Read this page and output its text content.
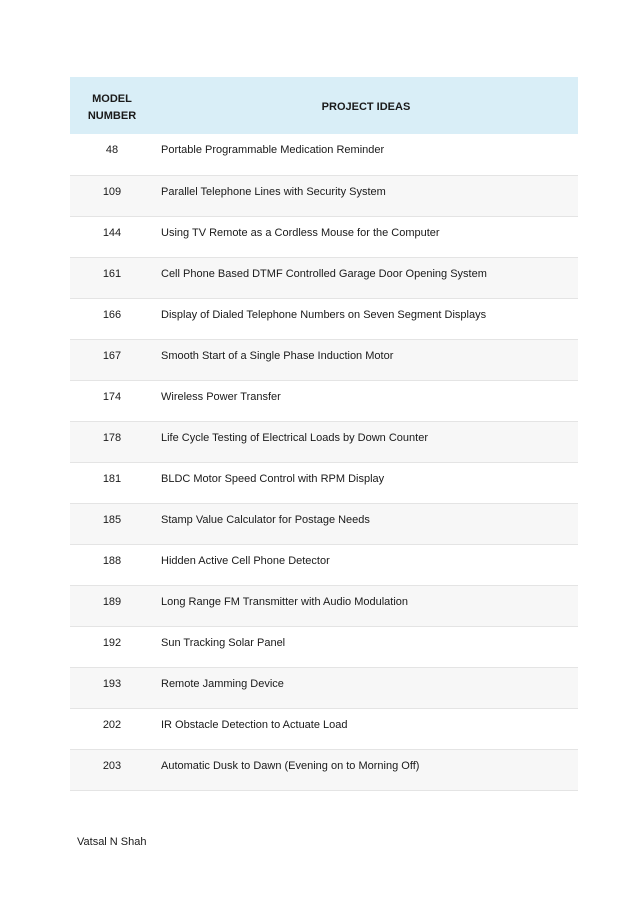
MODEL
NUMBER	PROJECT IDEAS
48	Portable Programmable Medication Reminder
109	Parallel Telephone Lines with Security System
144	Using TV Remote as a Cordless Mouse for the Computer
161	Cell Phone Based DTMF Controlled Garage Door Opening System
166	Display of Dialed Telephone Numbers on Seven Segment Displays
167	Smooth Start of a Single Phase Induction Motor
174	Wireless Power Transfer
178	Life Cycle Testing of Electrical Loads by Down Counter
181	BLDC Motor Speed Control with RPM Display
185	Stamp Value Calculator for Postage Needs
188	Hidden Active Cell Phone Detector
189	Long Range FM Transmitter with Audio Modulation
192	Sun Tracking Solar Panel
193	Remote Jamming Device
202	IR Obstacle Detection to Actuate Load
203	Automatic Dusk to Dawn (Evening on to Morning Off)
Vatsal N Shah
